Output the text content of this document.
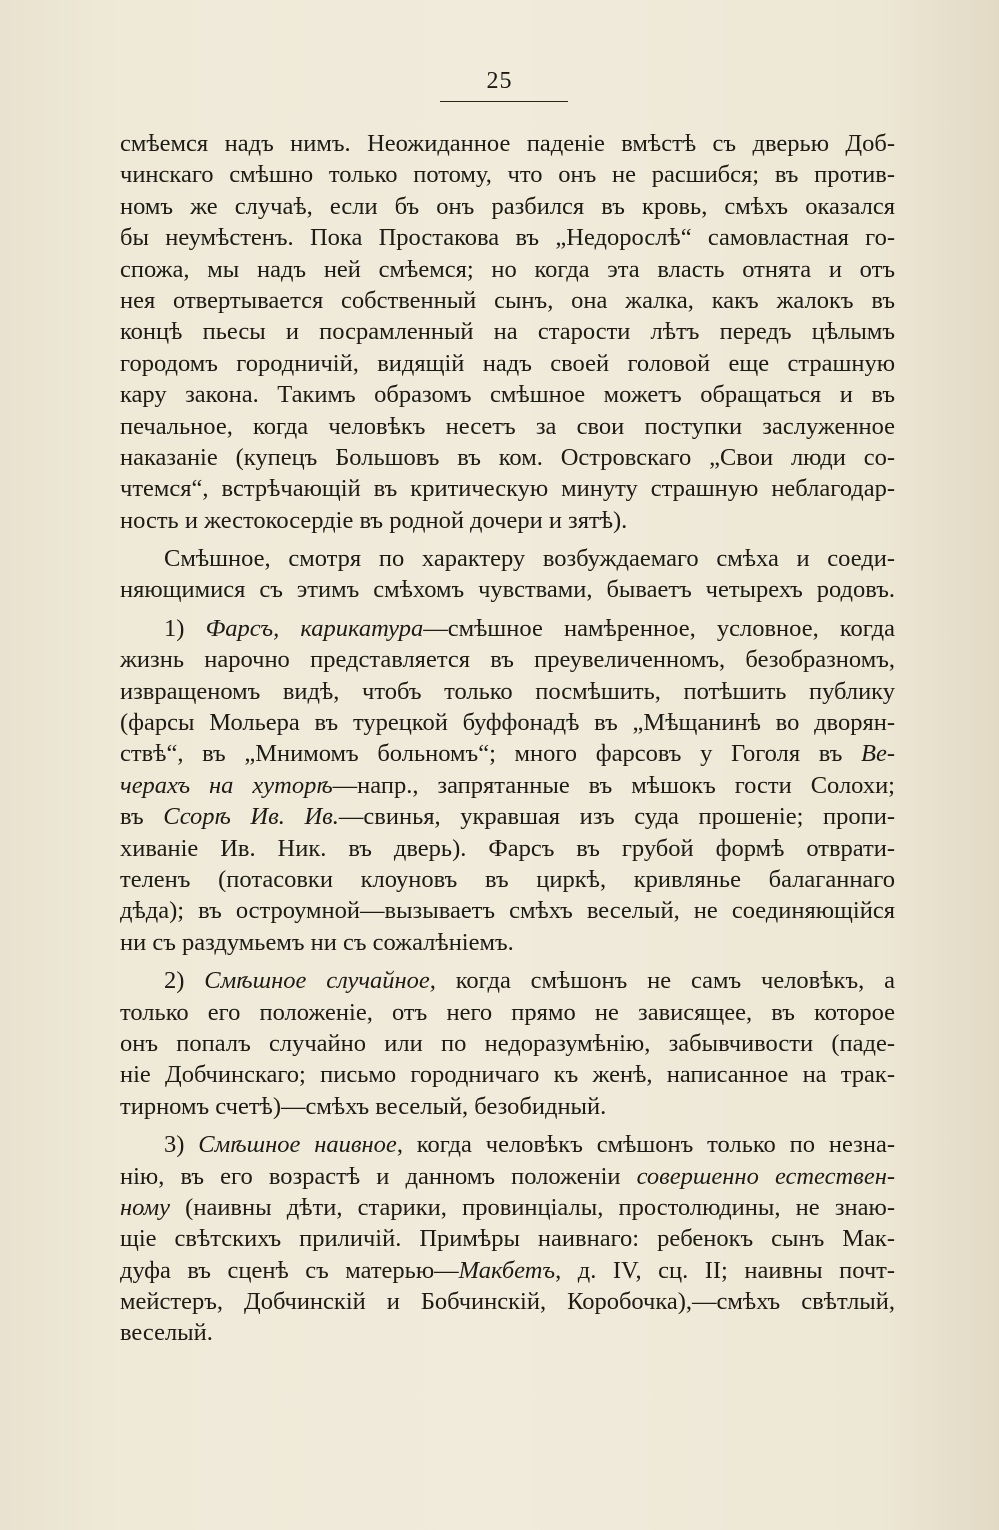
25
смѣемся надъ нимъ. Неожиданное паденіе вмѣстѣ съ дверью Доб-
чинскаго смѣшно только потому, что онъ не расшибся; въ против-
номъ же случаѣ, если бъ онъ разбился въ кровь, смѣхъ оказался
бы неумѣстенъ. Пока Простакова въ „Недорослѣ“ самовластная го-
спожа, мы надъ ней смѣемся; но когда эта власть отнята и отъ
нея отвертывается собственный сынъ, она жалка, какъ жалокъ въ
концѣ пьесы и посрамленный на старости лѣтъ передъ цѣлымъ
городомъ городничій, видящій надъ своей головой еще страшную
кару закона. Такимъ образомъ смѣшное можетъ обращаться и въ
печальное, когда человѣкъ несетъ за свои поступки заслуженное
наказаніе (купецъ Большовъ въ ком. Островскаго „Свои люди со-
чтемся“, встрѣчающій въ критическую минуту страшную неблагодар-
ность и жестокосердіе въ родной дочери и зятѣ).
Смѣшное, смотря по характеру возбуждаемаго смѣха и соеди-
няющимися съ этимъ смѣхомъ чувствами, бываетъ четырехъ родовъ.
1) Фарсъ, карикатура—смѣшное намѣренное, условное, когда
жизнь нарочно представляется въ преувеличенномъ, безобразномъ,
извращеномъ видѣ, чтобъ только посмѣшить, потѣшить публику
(фарсы Мольера въ турецкой буффонадѣ въ „Мѣщанинѣ во дворян-
ствѣ“, въ „Мнимомъ больномъ“; много фарсовъ у Гоголя въ Ве-
черахъ на хуторѣ—напр., запрятанные въ мѣшокъ гости Солохи;
въ Ссорѣ Ив. Ив.—свинья, укравшая изъ суда прошеніе; пропи-
хиваніе Ив. Ник. въ дверь). Фарсъ въ грубой формѣ отврати-
теленъ (потасовки клоуновъ въ циркѣ, кривлянье балаганнаго
дѣда); въ остроумной—вызываетъ смѣхъ веселый, не соединяющійся
ни съ раздумьемъ ни съ сожалѣніемъ.
2) Смѣшное случайное, когда смѣшонъ не самъ человѣкъ, а
только его положеніе, отъ него прямо не зависящее, въ которое
онъ попалъ случайно или по недоразумѣнію, забывчивости (паде-
ніе Добчинскаго; письмо городничаго къ женѣ, написанное на трак-
тирномъ счетѣ)—смѣхъ веселый, безобидный.
3) Смѣшное наивное, когда человѣкъ смѣшонъ только по незна-
нію, въ его возрастѣ и данномъ положеніи совершенно естествен-
ному (наивны дѣти, старики, провинціалы, простолюдины, не знаю-
щіе свѣтскихъ приличій. Примѣры наивнаго: ребенокъ сынъ Мак-
дуфа въ сценѣ съ матерью—Макбетъ, д. IV, сц. II; наивны почт-
мейстеръ, Добчинскій и Бобчинскій, Коробочка),—смѣхъ свѣтлый,
веселый.
